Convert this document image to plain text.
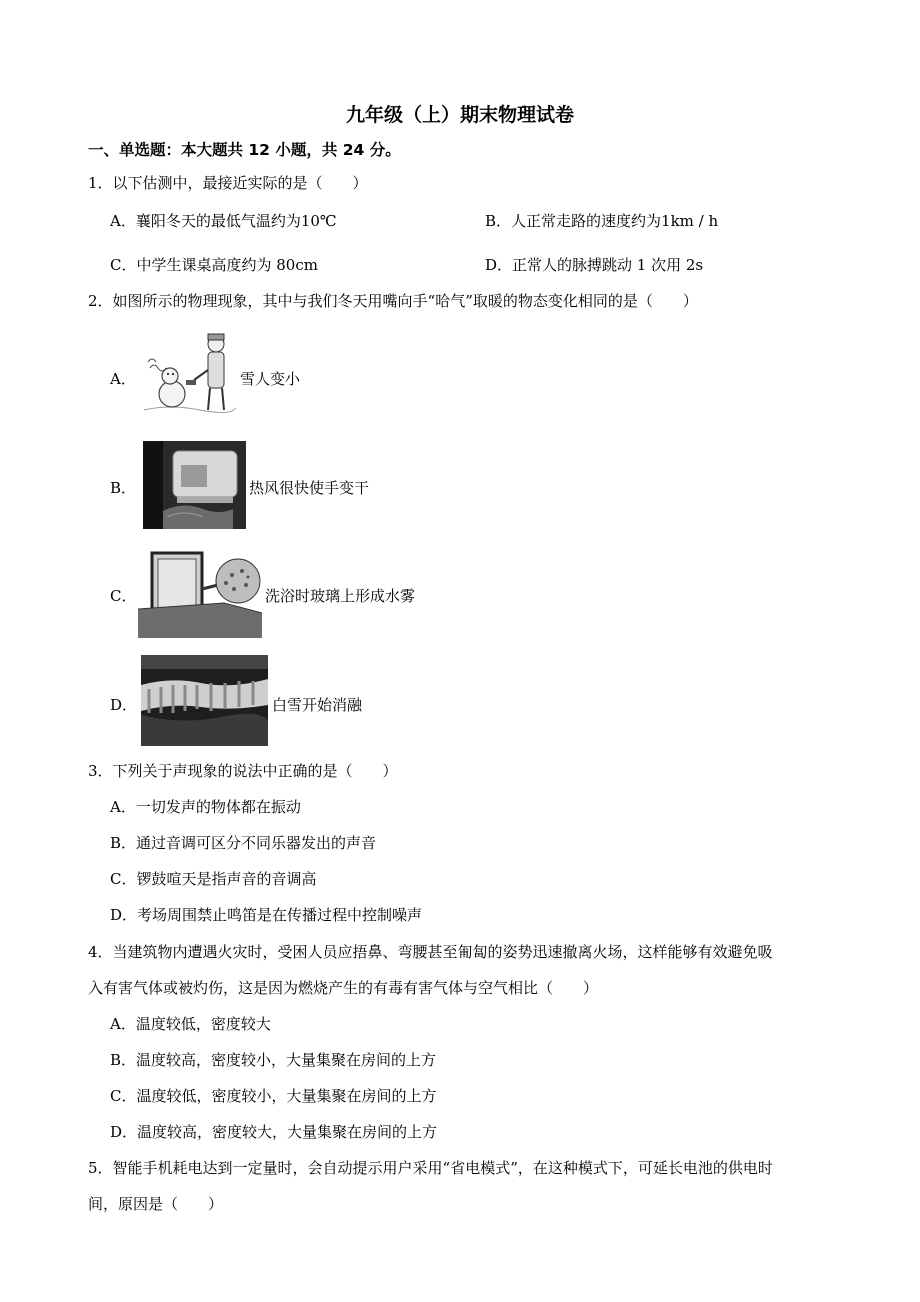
九年级（上）期末物理试卷
一、单选题：本大题共 12 小题，共 24 分。
1．以下估测中，最接近实际的是（　　）
A．襄阳冬天的最低气温约为10℃	B．人正常走路的速度约为1km / h
C．中学生课桌高度约为 80cm	D．正常人的脉搏跳动 1 次用 2s
2．如图所示的物理现象，其中与我们冬天用嘴向手“哈气”取暖的物态变化相同的是（　　）
A．	雪人变小
B．	热风很快使手变干
C．	洗浴时玻璃上形成水雾
D．	白雪开始消融
3．下列关于声现象的说法中正确的是（　　）
A．一切发声的物体都在振动
B．通过音调可区分不同乐器发出的声音
C．锣鼓喧天是指声音的音调高
D．考场周围禁止鸣笛是在传播过程中控制噪声
4．当建筑物内遭遇火灾时，受困人员应捂鼻、弯腰甚至匍匐的姿势迅速撤离火场，这样能够有效避免吸
入有害气体或被灼伤，这是因为燃烧产生的有毒有害气体与空气相比（　　）
A．温度较低，密度较大
B．温度较高，密度较小，大量集聚在房间的上方
C．温度较低，密度较小，大量集聚在房间的上方
D．温度较高，密度较大，大量集聚在房间的上方
5．智能手机耗电达到一定量时，会自动提示用户采用“省电模式”，在这种模式下，可延长电池的供电时
间，原因是（　　）
